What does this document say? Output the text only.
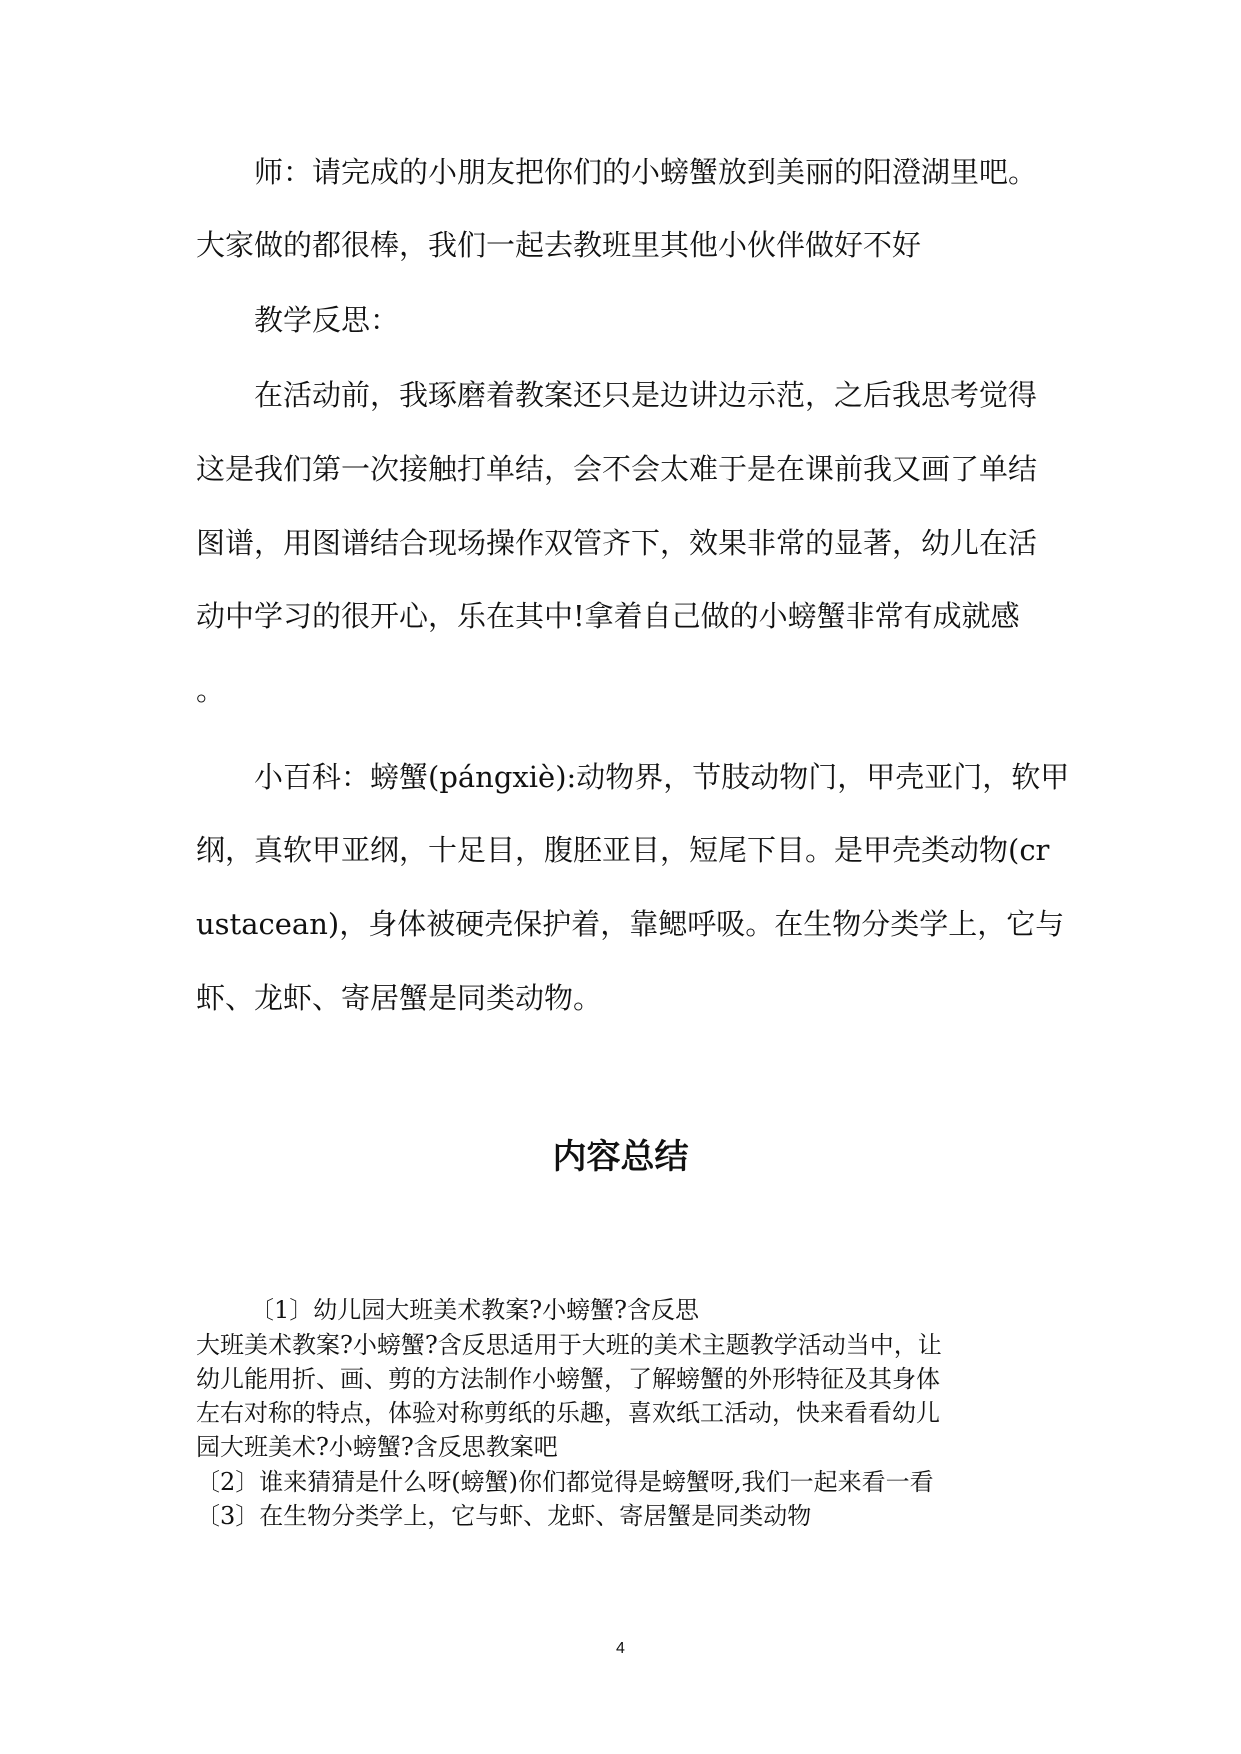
师：请完成的小朋友把你们的小螃蟹放到美丽的阳澄湖里吧。

大家做的都很棒，我们一起去教班里其他小伙伴做好不好

教学反思：

在活动前，我琢磨着教案还只是边讲边示范，之后我思考觉得

这是我们第一次接触打单结，会不会太难于是在课前我又画了单结

图谱，用图谱结合现场操作双管齐下，效果非常的显著，幼儿在活

动中学习的很开心，乐在其中!拿着自己做的小螃蟹非常有成就感

。

小百科：螃蟹(pángxiè):动物界，节肢动物门，甲壳亚门，软甲

纲，真软甲亚纲，十足目，腹胚亚目，短尾下目。是甲壳类动物(cr

ustacean)，身体被硬壳保护着，靠鳃呼吸。在生物分类学上，它与

虾、龙虾、寄居蟹是同类动物。

内容总结

〔1〕幼儿园大班美术教案?小螃蟹?含反思

大班美术教案?小螃蟹?含反思适用于大班的美术主题教学活动当中，让

幼儿能用折、画、剪的方法制作小螃蟹，了解螃蟹的外形特征及其身体

左右对称的特点，体验对称剪纸的乐趣，喜欢纸工活动，快来看看幼儿

园大班美术?小螃蟹?含反思教案吧

〔2〕谁来猜猜是什么呀(螃蟹)你们都觉得是螃蟹呀,我们一起来看一看

〔3〕在生物分类学上，它与虾、龙虾、寄居蟹是同类动物

4
